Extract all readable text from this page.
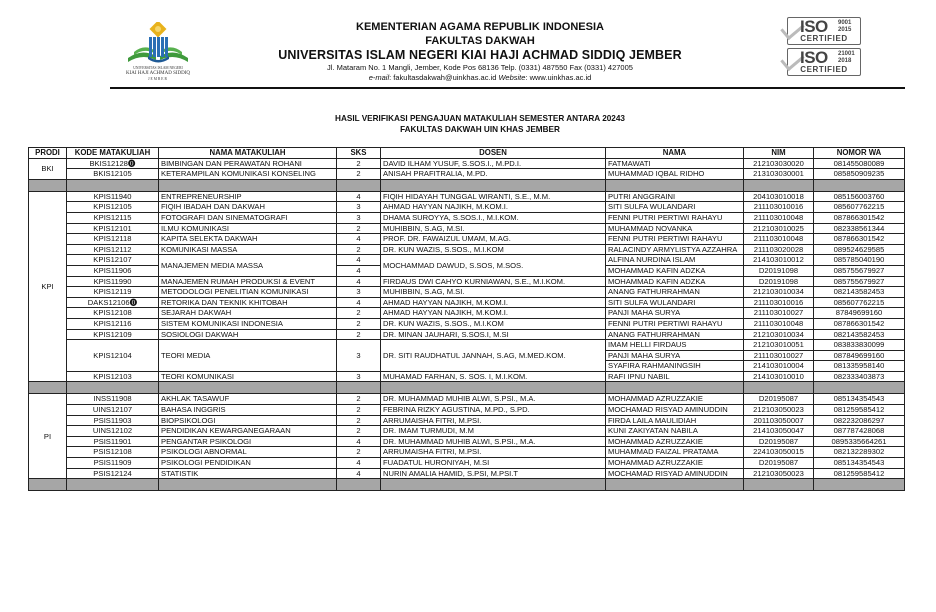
UNIVERSITAS ISLAM NEGERI
KIAI HAJI ACHMAD SIDDIQ
JEMBER
KEMENTERIAN AGAMA REPUBLIK INDONESIA
FAKULTAS DAKWAH
UNIVERSITAS ISLAM NEGERI KIAI HAJI ACHMAD SIDDIQ JEMBER
Jl. Mataram No. 1 Mangli, Jember, Kode Pos 68136 Telp. (0331) 487550 Fax (0331) 427005
e-mail: fakultasdakwah@uinkhas.ac.id Website: www.uinkhas.ac.id
ISO 9001
2015
CERTIFIED
ISO 21001
2018
CERTIFIED
HASIL VERIFIKASI PENGAJUAN MATAKULIAH SEMESTER ANTARA 20243
FAKULTAS DAKWAH UIN KHAS JEMBER
PRODI	KODE MATAKULIAH	NAMA MATAKULIAH	SKS	DOSEN	NAMA	NIM	NOMOR WA
BKI	BKIS12128⓿	BIMBINGAN DAN PERAWATAN ROHANI	2	DAVID ILHAM YUSUF, S.SOS.I., M.PD.I.	FATMAWATI	212103030020	081455080089
	BKIS12105	KETERAMPILAN KOMUNIKASI KONSELING	2	ANISAH PRAFITRALIA, M.PD.	MUHAMMAD IQBAL RIDHO	213103030001	085850909235

KPI	KPIS11940	ENTREPRENEURSHIP	4	FIQIH HIDAYAH TUNGGAL WIRANTI, S.E., M.M.	PUTRI ANGGRAINI	204103010018	085156003760
	KPIS12105	FIQIH IBADAH DAN DAKWAH	3	AHMAD HAYYAN NAJIKH, M.KOM.I.	SITI SULFA WULANDARI	211103010016	085607762215
	KPIS12115	FOTOGRAFI DAN SINEMATOGRAFI	3	DHAMA SUROYYA, S.SOS.I., M.I.KOM.	FENNI PUTRI PERTIWI RAHAYU	211103010048	087866301542
	KPIS12101	ILMU KOMUNIKASI	2	MUHIBBIN, S.AG, M.SI.	MUHAMMAD NOVANKA	212103010025	082338561344
	KPIS12118	KAPITA SELEKTA DAKWAH	4	PROF. DR. FAWAIZUL UMAM, M.AG.	FENNI PUTRI PERTIWI RAHAYU	211103010048	087866301542
	KPIS12112	KOMUNIKASI MASSA	2	DR. KUN WAZIS, S.SOS., M.I.KOM	RALACINDY ARMYLISTYA AZZAHRA	211103020028	089524629585
	KPIS12107	MANAJEMEN MEDIA MASSA	4	MOCHAMMAD DAWUD, S.SOS, M.SOS.	ALFINA NURDINA ISLAM	214103010012	085785040190
	KPIS11906		4		MOHAMMAD KAFIN ADZKA	D20191098	085755679927
	KPIS11990	MANAJEMEN RUMAH PRODUKSI & EVENT	4	FIRDAUS DWI CAHYO KURNIAWAN, S.E., M.I.KOM.	MOHAMMAD KAFIN ADZKA	D20191098	085755679927
	KPIS12119	METODOLOGI PENELITIAN KOMUNIKASI	3	MUHIBBIN, S.AG, M.SI.	ANANG FATHURRAHMAN	212103010034	082143582453
	DAKS12106⓿	RETORIKA DAN TEKNIK KHITOBAH	4	AHMAD HAYYAN NAJIKH, M.KOM.I.	SITI SULFA WULANDARI	211103010016	085607762215
	KPIS12108	SEJARAH DAKWAH	2	AHMAD HAYYAN NAJIKH, M.KOM.I.	PANJI MAHA SURYA	211103010027	87849699160
	KPIS12116	SISTEM KOMUNIKASI INDONESIA	2	DR. KUN WAZIS, S.SOS., M.I.KOM	FENNI PUTRI PERTIWI RAHAYU	211103010048	087866301542
	KPIS12109	SOSIOLOGI DAKWAH	2	DR. MINAN JAUHARI, S.SOS.I, M.SI	ANANG FATHURRAHMAN	212103010034	082143582453
	KPIS12104	TEORI MEDIA	3	DR. SITI RAUDHATUL JANNAH, S.AG, M.MED.KOM.	IMAM HELLI FIRDAUS	212103010051	083833830099
					PANJI MAHA SURYA	211103010027	087849699160
					SYAFIRA RAHMANINGSIH	214103010004	081335958140
	KPIS12103	TEORI KOMUNIKASI	3	MUHAMAD FARHAN, S. SOS. I, M.I.KOM.	RAFI IPNU NABIL	214103010010	082333403873

PI	INSS11908	AKHLAK TASAWUF	2	DR. MUHAMMAD MUHIB ALWI, S.PSI., M.A.	MOHAMMAD AZRUZZAKIE	D20195087	085134354543
	UINS12107	BAHASA INGGRIS	2	FEBRINA RIZKY AGUSTINA, M.PD., S.PD.	MOCHAMAD RISYAD AMINUDDIN	212103050023	081259585412
	PSIS11903	BIOPSIKOLOGI	2	ARRUMAISHA FITRI, M.PSI.	FIRDA LAILA MAULIDIAH	201103050007	082232086297
	UINS12102	PENDIDIKAN KEWARGANEGARAAN	2	DR. IMAM TURMUDI, M.M	KUNI ZAKIYATAN NABILA	214103050047	087787428068
	PSIS11901	PENGANTAR PSIKOLOGI	4	DR. MUHAMMAD MUHIB ALWI, S.PSI., M.A.	MOHAMMAD AZRUZZAKIE	D20195087	0895335664261
	PSIS12108	PSIKOLOGI ABNORMAL	2	ARRUMAISHA FITRI, M.PSI.	MUHAMMAD FAIZAL PRATAMA	224103050015	082132289302
	PSIS11909	PSIKOLOGI PENDIDIKAN	4	FUADATUL HURONIYAH, M.SI	MOHAMMAD AZRUZZAKIE	D20195087	085134354543
	PSIS12124	STATISTIK	4	NURIN AMALIA HAMID, S.PSI, M.PSI.T	MOCHAMAD RISYAD AMINUDDIN	212103050023	081259585412
